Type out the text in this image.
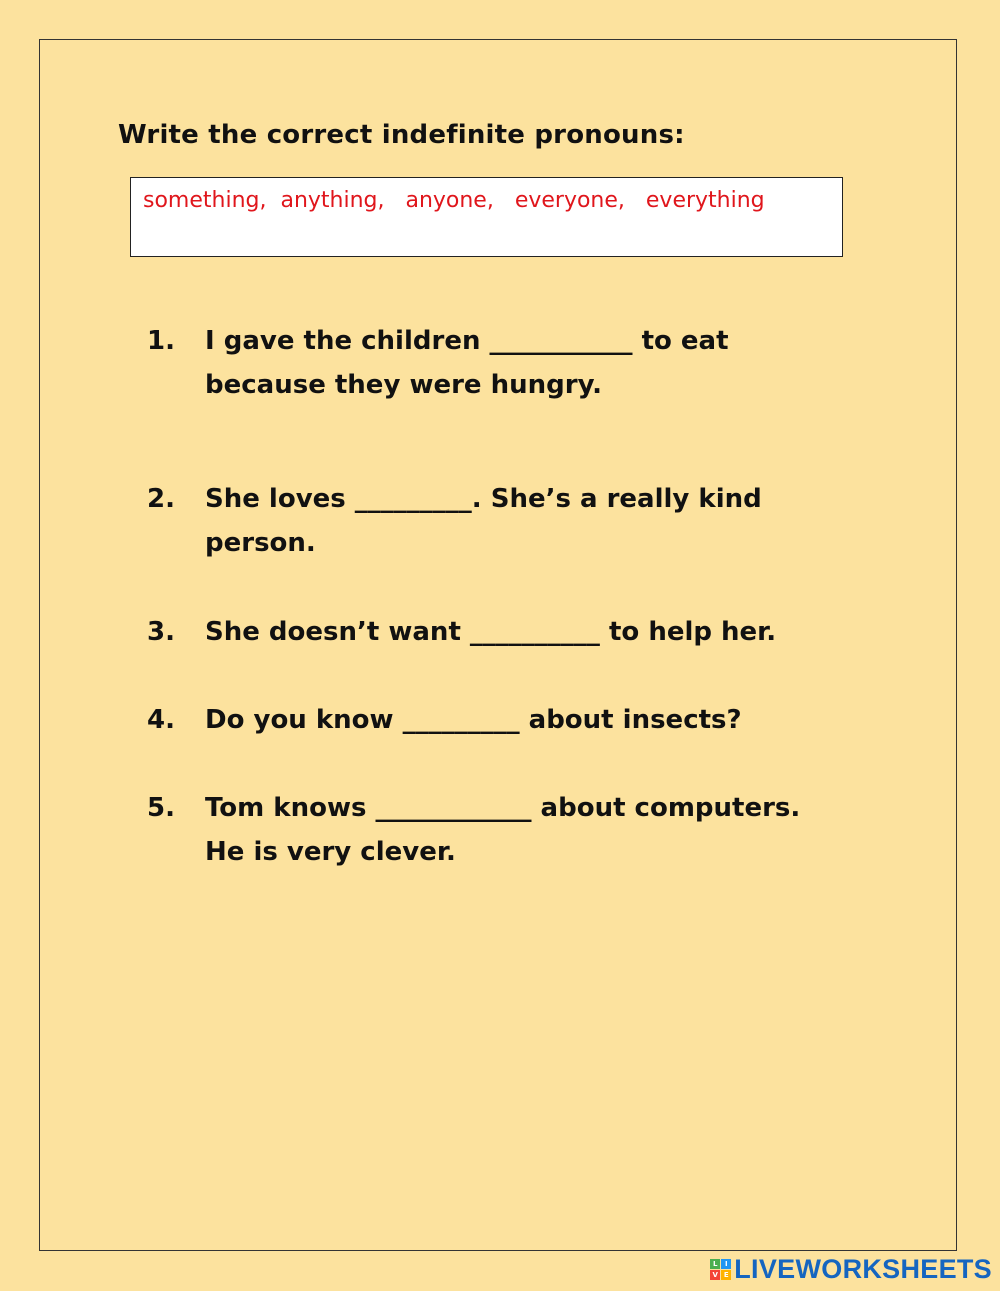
Write the correct indefinite pronouns:
something,  anything,   anyone,   everyone,   everything
1. I gave the children ___________ to eat
because they were hungry.
2. She loves _________. She’s a really kind
person.
3. She doesn’t want __________ to help her.
4. Do you know _________ about insects?
5. Tom knows ____________ about computers.
He is very clever.
L	I
V E LIVEWORKSHEETS
